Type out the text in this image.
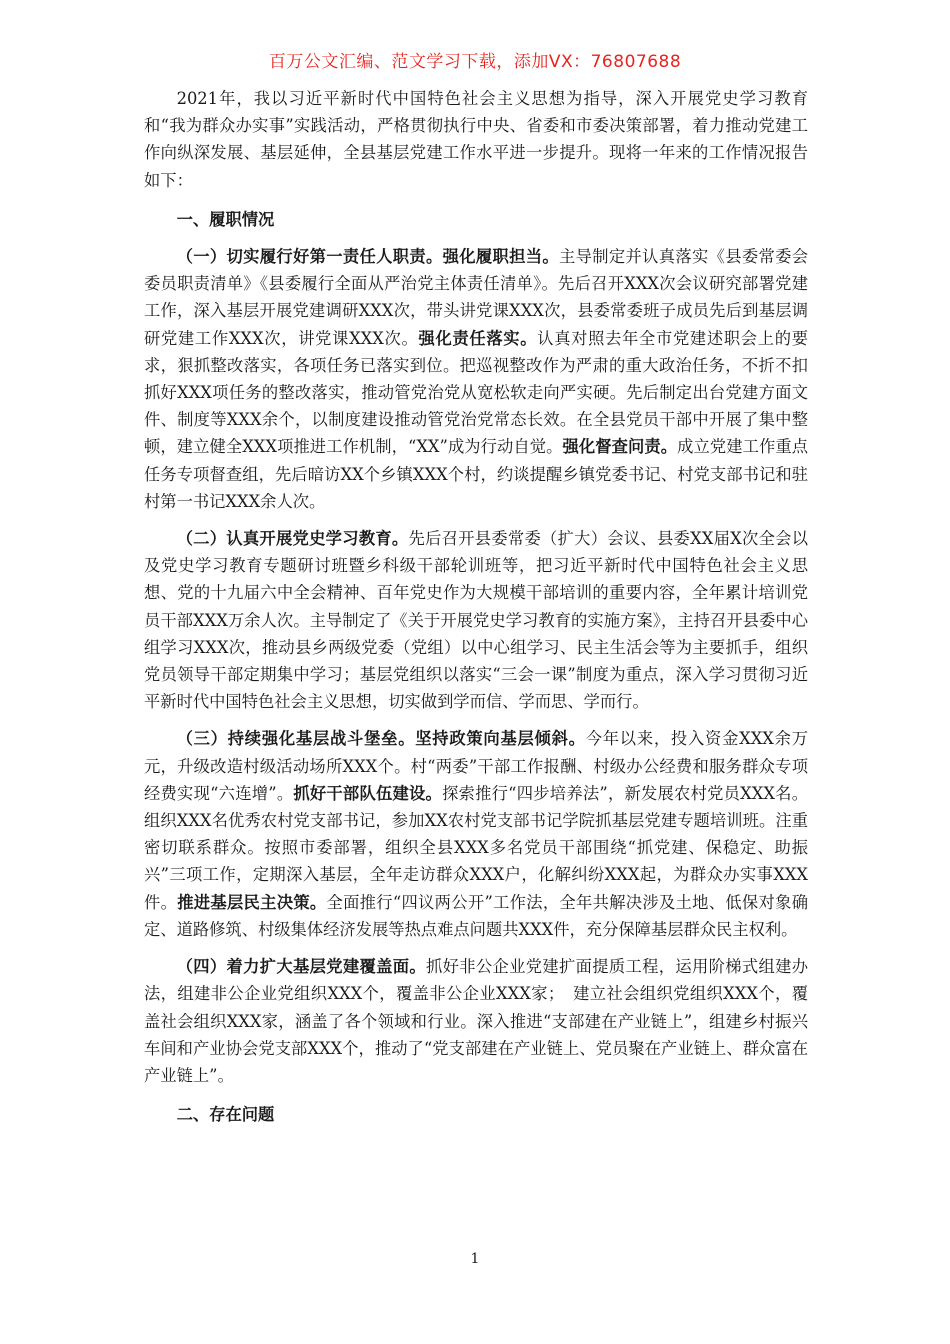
百万公文汇编、范文学习下载，添加VX：76807688

2021年，我以习近平新时代中国特色社会主义思想为指导，深入开展党史学习教育和“我为群众办实事”实践活动，严格贯彻执行中央、省委和市委决策部署，着力推动党建工作向纵深发展、基层延伸，全县基层党建工作水平进一步提升。现将一年来的工作情况报告如下：

一、履职情况

（一）切实履行好第一责任人职责。强化履职担当。主导制定并认真落实《县委常委会委员职责清单》《县委履行全面从严治党主体责任清单》。先后召开XXX次会议研究部署党建工作，深入基层开展党建调研XXX次，带头讲党课XXX次，县委常委班子成员先后到基层调研党建工作XXX次，讲党课XXX次。强化责任落实。认真对照去年全市党建述职会上的要求，狠抓整改落实，各项任务已落实到位。把巡视整改作为严肃的重大政治任务，不折不扣抓好XXX项任务的整改落实，推动管党治党从宽松软走向严实硬。先后制定出台党建方面文件、制度等XXX余个，以制度建设推动管党治党常态长效。在全县党员干部中开展了集中整顿，建立健全XXX项推进工作机制，“XX”成为行动自觉。强化督查问责。成立党建工作重点任务专项督查组，先后暗访XX个乡镇XXX个村，约谈提醒乡镇党委书记、村党支部书记和驻村第一书记XXX余人次。

（二）认真开展党史学习教育。先后召开县委常委（扩大）会议、县委XX届X次全会以及党史学习教育专题研讨班暨乡科级干部轮训班等，把习近平新时代中国特色社会主义思想、党的十九届六中全会精神、百年党史作为大规模干部培训的重要内容，全年累计培训党员干部XXX万余人次。主导制定了《关于开展党史学习教育的实施方案》，主持召开县委中心组学习XXX次，推动县乡两级党委（党组）以中心组学习、民主生活会等为主要抓手，组织党员领导干部定期集中学习；基层党组织以落实“三会一课”制度为重点，深入学习贯彻习近平新时代中国特色社会主义思想，切实做到学而信、学而思、学而行。

（三）持续强化基层战斗堡垒。坚持政策向基层倾斜。今年以来，投入资金XXX余万元，升级改造村级活动场所XXX个。村“两委”干部工作报酬、村级办公经费和服务群众专项经费实现“六连增”。抓好干部队伍建设。探索推行“四步培养法”，新发展农村党员XXX名。组织XXX名优秀农村党支部书记，参加XX农村党支部书记学院抓基层党建专题培训班。注重密切联系群众。按照市委部署，组织全县XXX多名党员干部围绕“抓党建、保稳定、助振兴”三项工作，定期深入基层，全年走访群众XXX户，化解纠纷XXX起，为群众办实事XXX件。推进基层民主决策。全面推行“四议两公开”工作法，全年共解决涉及土地、低保对象确定、道路修筑、村级集体经济发展等热点难点问题共XXX件，充分保障基层群众民主权利。

（四）着力扩大基层党建覆盖面。抓好非公企业党建扩面提质工程，运用阶梯式组建办法，组建非公企业党组织XXX个，覆盖非公企业XXX家；　建立社会组织党组织XXX个，覆盖社会组织XXX家，涵盖了各个领域和行业。深入推进“支部建在产业链上”，组建乡村振兴车间和产业协会党支部XXX个，推动了“党支部建在产业链上、党员聚在产业链上、群众富在产业链上”。

二、存在问题
1
